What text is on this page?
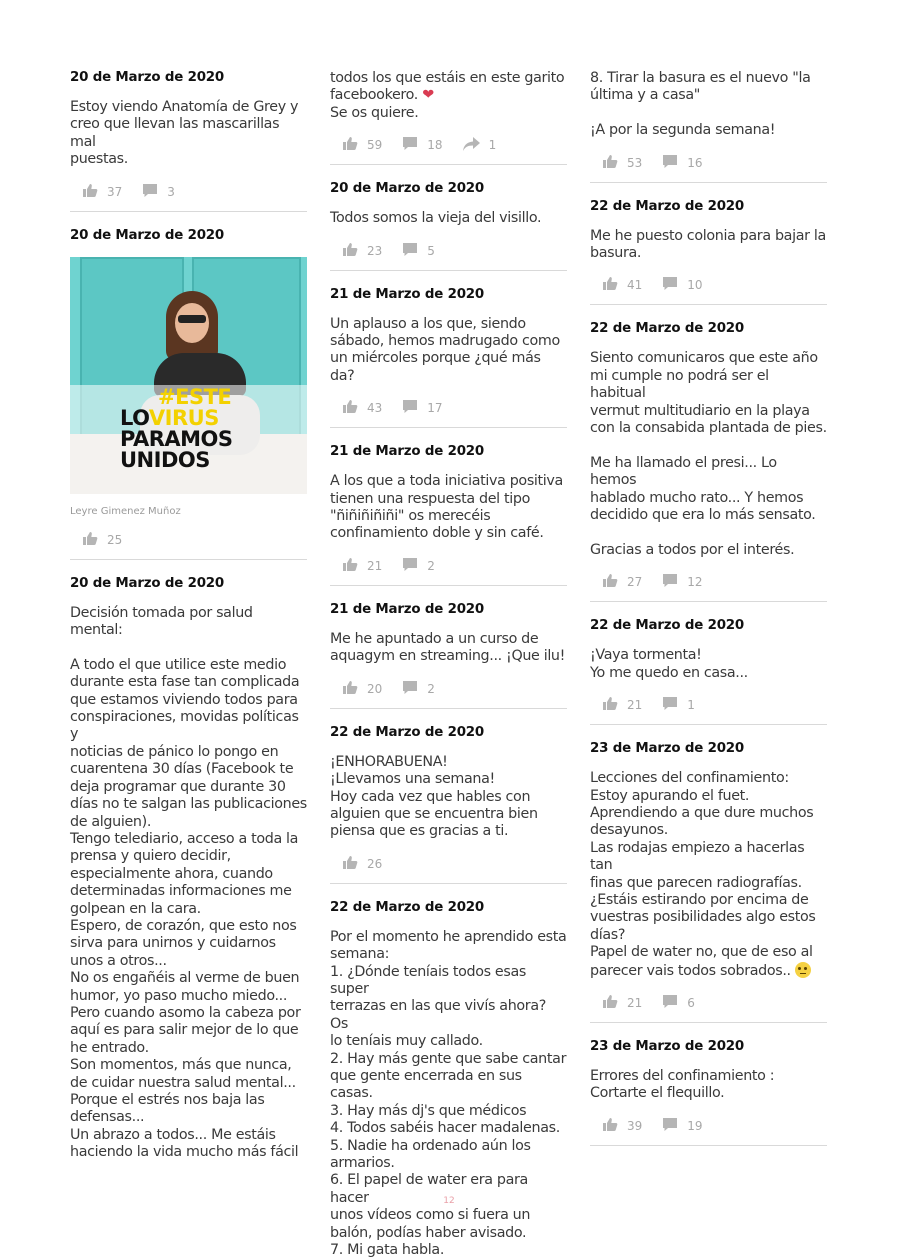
20 de Marzo de 2020

Estoy viendo Anatomía de Grey y
creo que llevan las mascarillas mal
puestas.

37	3
20 de Marzo de 2020
#ESTE
LOVIRUS
PARAMOS
UNIDOS
Leyre Gimenez Muñoz
25
20 de Marzo de 2020

Decisión tomada por salud mental:

A todo el que utilice este medio
durante esta fase tan complicada
que estamos viviendo todos para
conspiraciones, movidas políticas y
noticias de pánico lo pongo en
cuarentena 30 días (Facebook te
deja programar que durante 30
días no te salgan las publicaciones
de alguien).
Tengo telediario, acceso a toda la
prensa y quiero decidir,
especialmente ahora, cuando
determinadas informaciones me
golpean en la cara.
Espero, de corazón, que esto nos
sirva para unirnos y cuidarnos
unos a otros...
No os engañéis al verme de buen
humor, yo paso mucho miedo...
Pero cuando asomo la cabeza por
aquí es para salir mejor de lo que
he entrado.
Son momentos, más que nunca,
de cuidar nuestra salud mental...
Porque el estrés nos baja las
defensas...
Un abrazo a todos... Me estáis
haciendo la vida mucho más fácil

todos los que estáis en este garito
facebookero. ❤
Se os quiere.

59	18	1
20 de Marzo de 2020

Todos somos la vieja del visillo.

23	5
21 de Marzo de 2020

Un aplauso a los que, siendo
sábado, hemos madrugado como
un miércoles porque ¿qué más da?

43	17
21 de Marzo de 2020

A los que a toda iniciativa positiva
tienen una respuesta del tipo
"ñiñiñiñiñi" os merecéis
confinamiento doble y sin café.

21	2
21 de Marzo de 2020

Me he apuntado a un curso de
aquagym en streaming... ¡Que ilu!

20	2
22 de Marzo de 2020

¡ENHORABUENA!
¡Llevamos una semana!
Hoy cada vez que hables con
alguien que se encuentra bien
piensa que es gracias a ti.

26
22 de Marzo de 2020

Por el momento he aprendido esta
semana:
1. ¿Dónde teníais todos esas super
terrazas en las que vivís ahora? Os
lo teníais muy callado.
2. Hay más gente que sabe cantar
que gente encerrada en sus casas.
3. Hay más dj's que médicos
4. Todos sabéis hacer madalenas.
5. Nadie ha ordenado aún los
armarios.
6. El papel de water era para hacer
unos vídeos como si fuera un
balón, podías haber avisado.
7. Mi gata habla.

8. Tirar la basura es el nuevo "la
última y a casa"

¡A por la segunda semana!

53	16
22 de Marzo de 2020

Me he puesto colonia para bajar la
basura.

41	10
22 de Marzo de 2020

Siento comunicaros que este año
mi cumple no podrá ser el habitual
vermut multitudiario en la playa
con la consabida plantada de pies.

Me ha llamado el presi... Lo hemos
hablado mucho rato... Y hemos
decidido que era lo más sensato.

Gracias a todos por el interés.

27	12
22 de Marzo de 2020

¡Vaya tormenta!
Yo me quedo en casa...

21	1
23 de Marzo de 2020

Lecciones del confinamiento:
Estoy apurando el fuet.
Aprendiendo a que dure muchos
desayunos.
Las rodajas empiezo a hacerlas tan
finas que parecen radiografías.
¿Estáis estirando por encima de
vuestras posibilidades algo estos
días?
Papel de water no, que de eso al
parecer vais todos sobrados..

21	6
23 de Marzo de 2020

Errores del confinamiento :
Cortarte el flequillo.

39	19
12
